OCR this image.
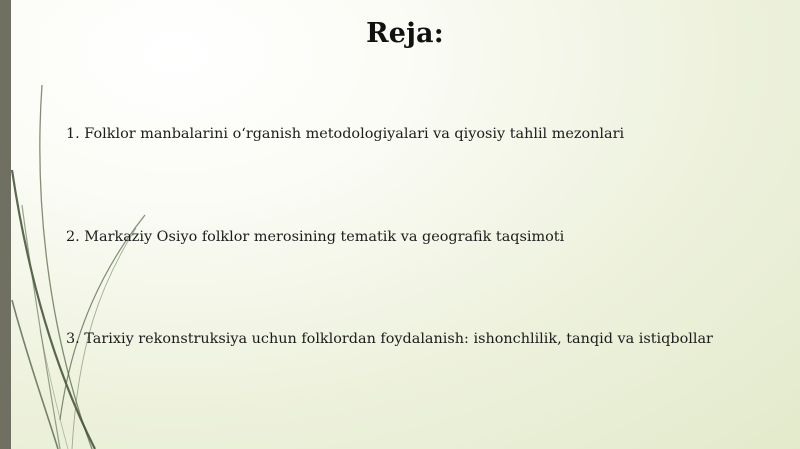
Reja:
1. Folklor manbalarini o‘rganish metodologiyalari va qiyosiy tahlil mezonlari
2. Markaziy Osiyo folklor merosining tematik va geografik taqsimoti
3. Tarixiy rekonstruksiya uchun folklordan foydalanish: ishonchlilik, tanqid va istiqbollar
